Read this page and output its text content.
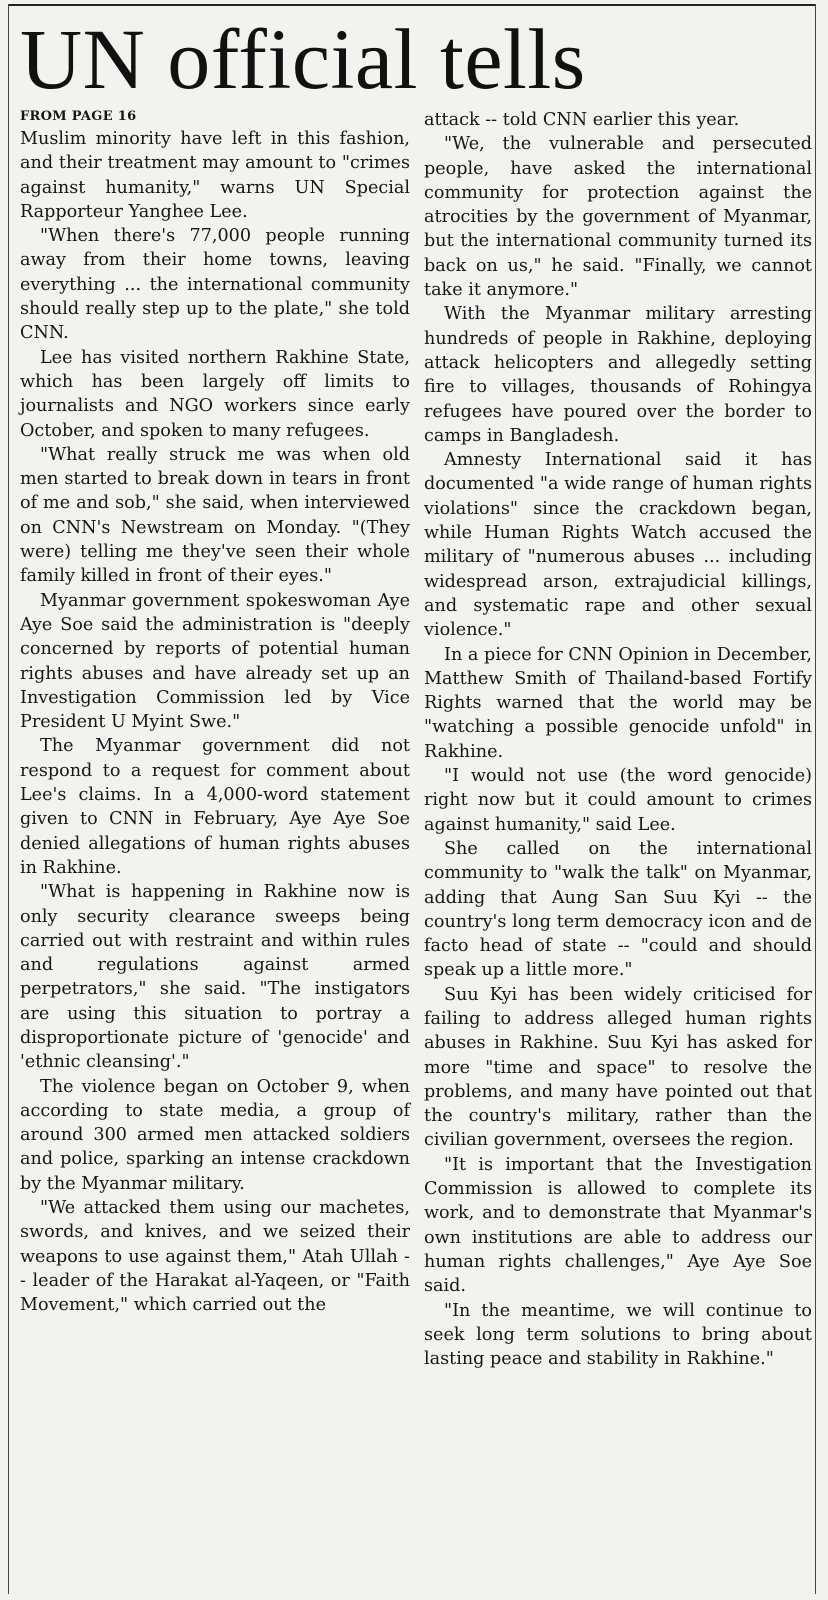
UN official tells
FROM PAGE 16

Muslim minority have left in this fashion, and their treatment may amount to "crimes against humanity," warns UN Special Rapporteur Yanghee Lee.

"When there's 77,000 people running away from their home towns, leaving everything ... the international community should really step up to the plate," she told CNN.

Lee has visited northern Rakhine State, which has been largely off limits to journalists and NGO workers since early October, and spoken to many refugees.

"What really struck me was when old men started to break down in tears in front of me and sob," she said, when interviewed on CNN's Newstream on Monday. "(They were) telling me they've seen their whole family killed in front of their eyes."

Myanmar government spokeswoman Aye Aye Soe said the administration is "deeply concerned by reports of potential human rights abuses and have already set up an Investigation Commission led by Vice President U Myint Swe."

The Myanmar government did not respond to a request for comment about Lee's claims. In a 4,000-word statement given to CNN in February, Aye Aye Soe denied allegations of human rights abuses in Rakhine.

"What is happening in Rakhine now is only security clearance sweeps being carried out with restraint and within rules and regulations against armed perpetrators," she said. "The instigators are using this situation to portray a disproportionate picture of 'genocide' and 'ethnic cleansing'."

The violence began on October 9, when according to state media, a group of around 300 armed men attacked soldiers and police, sparking an intense crackdown by the Myanmar military.

"We attacked them using our machetes, swords, and knives, and we seized their weapons to use against them," Atah Ullah -- leader of the Harakat al-Yaqeen, or "Faith Movement," which carried out the

attack -- told CNN earlier this year.

"We, the vulnerable and persecuted people, have asked the international community for protection against the atrocities by the government of Myanmar, but the international community turned its back on us," he said. "Finally, we cannot take it anymore."

With the Myanmar military arresting hundreds of people in Rakhine, deploying attack helicopters and allegedly setting fire to villages, thousands of Rohingya refugees have poured over the border to camps in Bangladesh.

Amnesty International said it has documented "a wide range of human rights violations" since the crackdown began, while Human Rights Watch accused the military of "numerous abuses ... including widespread arson, extrajudicial killings, and systematic rape and other sexual violence."

In a piece for CNN Opinion in December, Matthew Smith of Thailand-based Fortify Rights warned that the world may be "watching a possible genocide unfold" in Rakhine.

"I would not use (the word genocide) right now but it could amount to crimes against humanity," said Lee.

She called on the international community to "walk the talk" on Myanmar, adding that Aung San Suu Kyi -- the country's long term democracy icon and de facto head of state -- "could and should speak up a little more."

Suu Kyi has been widely criticised for failing to address alleged human rights abuses in Rakhine. Suu Kyi has asked for more "time and space" to resolve the problems, and many have pointed out that the country's military, rather than the civilian government, oversees the region.

"It is important that the Investigation Commission is allowed to complete its work, and to demonstrate that Myanmar's own institutions are able to address our human rights challenges," Aye Aye Soe said.

"In the meantime, we will continue to seek long term solutions to bring about lasting peace and stability in Rakhine."
